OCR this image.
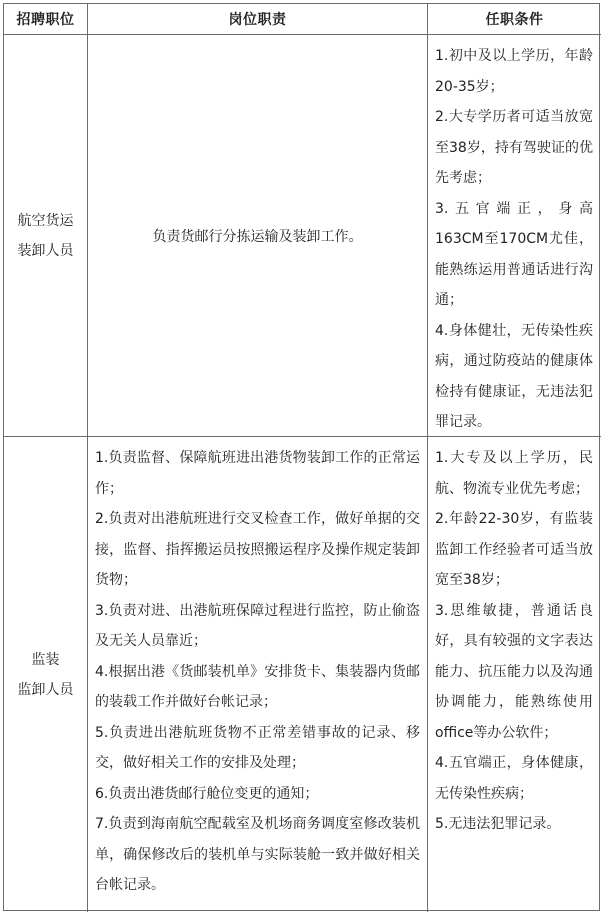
招聘职位	岗位职责	任职条件
航空货运
装卸人员
负责货邮行分拣运输及装卸工作。
1.初中及以上学历，年龄20-35岁；
2.大专学历者可适当放宽至38岁，持有驾驶证的优先考虑；
3.五官端正，身高163CM至170CM尤佳，能熟练运用普通话进行沟通；
4.身体健壮，无传染性疾病，通过防疫站的健康体检持有健康证，无违法犯罪记录。
监装
监卸人员
1.负责监督、保障航班进出港货物装卸工作的正常运作；
2.负责对出港航班进行交叉检查工作，做好单据的交接，监督、指挥搬运员按照搬运程序及操作规定装卸货物；
3.负责对进、出港航班保障过程进行监控，防止偷盗及无关人员靠近；
4.根据出港《货邮装机单》安排货卡、集装器内货邮的装载工作并做好台帐记录；
5.负责进出港航班货物不正常差错事故的记录、移交，做好相关工作的安排及处理；
6.负责出港货邮行舱位变更的通知；
7.负责到海南航空配载室及机场商务调度室修改装机单，确保修改后的装机单与实际装舱一致并做好相关台帐记录。
1.大专及以上学历，民航、物流专业优先考虑；
2.年龄22-30岁，有监装监卸工作经验者可适当放宽至38岁；
3.思维敏捷，普通话良好，具有较强的文字表达能力、抗压能力以及沟通协调能力，能熟练使用office等办公软件；
4.五官端正，身体健康，无传染性疾病；
5.无违法犯罪记录。
